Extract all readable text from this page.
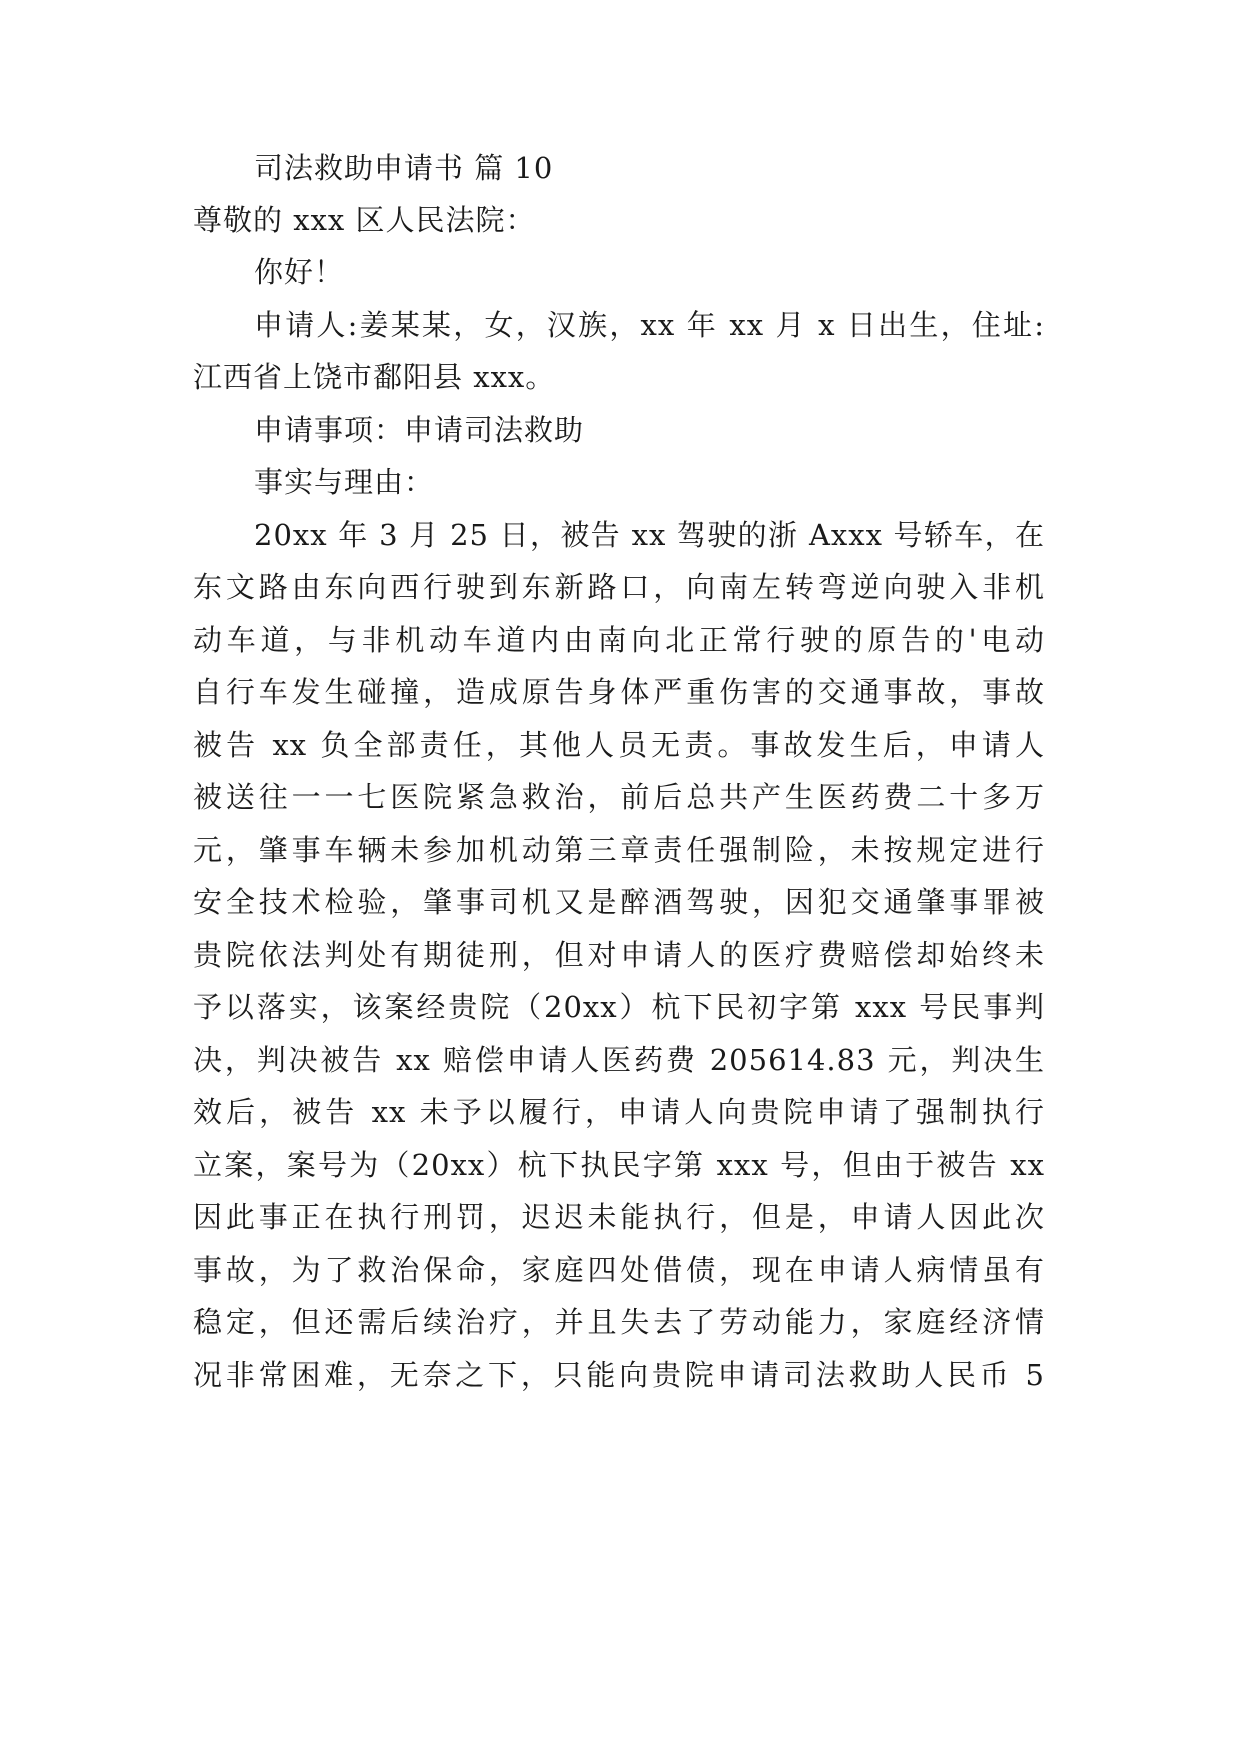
司法救助申请书 篇 10
尊敬的 xxx 区人民法院：
你好！
申请人:姜某某，女，汉族，xx 年 xx 月 x 日出生，住址:
江西省上饶市鄱阳县 xxx。
申请事项：申请司法救助
事实与理由：
20xx 年 3 月 25 日，被告 xx 驾驶的浙 Axxx 号轿车，在
东文路由东向西行驶到东新路口，向南左转弯逆向驶入非机
动车道，与非机动车道内由南向北正常行驶的原告的'电动
自行车发生碰撞，造成原告身体严重伤害的交通事故，事故
被告 xx 负全部责任，其他人员无责。事故发生后，申请人
被送往一一七医院紧急救治，前后总共产生医药费二十多万
元，肇事车辆未参加机动第三章责任强制险，未按规定进行
安全技术检验，肇事司机又是醉酒驾驶，因犯交通肇事罪被
贵院依法判处有期徒刑，但对申请人的医疗费赔偿却始终未
予以落实，该案经贵院（20xx）杭下民初字第 xxx 号民事判
决，判决被告 xx 赔偿申请人医药费 205614.83 元，判决生
效后，被告 xx 未予以履行，申请人向贵院申请了强制执行
立案，案号为（20xx）杭下执民字第 xxx 号，但由于被告 xx
因此事正在执行刑罚，迟迟未能执行，但是，申请人因此次
事故，为了救治保命，家庭四处借债，现在申请人病情虽有
稳定，但还需后续治疗，并且失去了劳动能力，家庭经济情
况非常困难，无奈之下，只能向贵院申请司法救助人民币 5
